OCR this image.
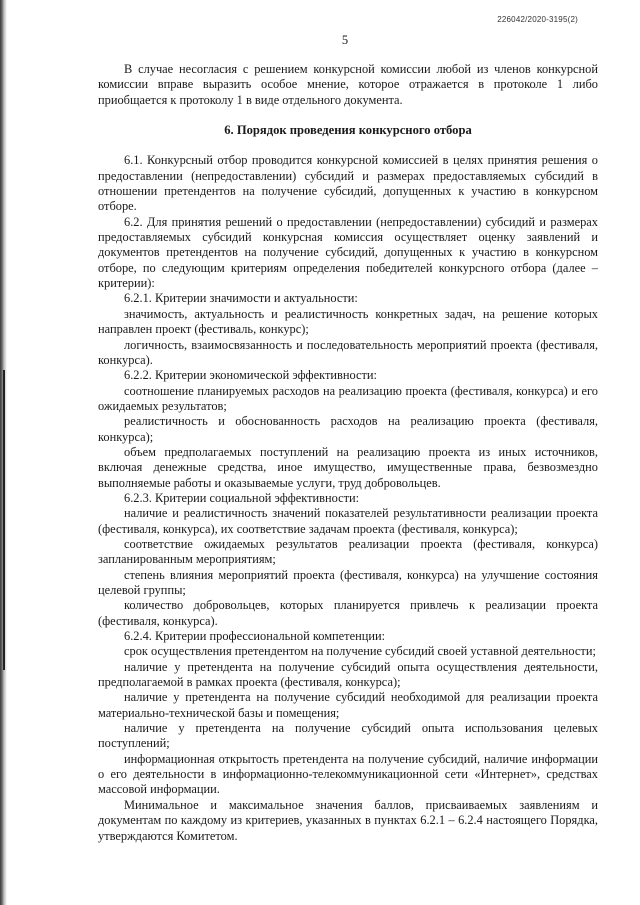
226042/2020-3195(2)
5

В случае несогласия с решением конкурсной комиссии любой из членов конкурсной комиссии вправе выразить особое мнение, которое отражается в протоколе 1 либо приобщается к протоколу 1 в виде отдельного документа.

6. Порядок проведения конкурсного отбора

6.1. Конкурсный отбор проводится конкурсной комиссией в целях принятия решения о предоставлении (непредоставлении) субсидий и размерах предоставляемых субсидий в отношении претендентов на получение субсидий, допущенных к участию в конкурсном отборе.

6.2. Для принятия решений о предоставлении (непредоставлении) субсидий и размерах предоставляемых субсидий конкурсная комиссия осуществляет оценку заявлений и документов претендентов на получение субсидий, допущенных к участию в конкурсном отборе, по следующим критериям определения победителей конкурсного отбора (далее – критерии):

6.2.1. Критерии значимости и актуальности:

значимость, актуальность и реалистичность конкретных задач, на решение которых направлен проект (фестиваль, конкурс);

логичность, взаимосвязанность и последовательность мероприятий проекта (фестиваля, конкурса).

6.2.2. Критерии экономической эффективности:

соотношение планируемых расходов на реализацию проекта (фестиваля, конкурса) и его ожидаемых результатов;

реалистичность и обоснованность расходов на реализацию проекта (фестиваля, конкурса);

объем предполагаемых поступлений на реализацию проекта из иных источников, включая денежные средства, иное имущество, имущественные права, безвозмездно выполняемые работы и оказываемые услуги, труд добровольцев.

6.2.3. Критерии социальной эффективности:

наличие и реалистичность значений показателей результативности реализации проекта (фестиваля, конкурса), их соответствие задачам проекта (фестиваля, конкурса);

соответствие ожидаемых результатов реализации проекта (фестиваля, конкурса) запланированным мероприятиям;

степень влияния мероприятий проекта (фестиваля, конкурса) на улучшение состояния целевой группы;

количество добровольцев, которых планируется привлечь к реализации проекта (фестиваля, конкурса).

6.2.4. Критерии профессиональной компетенции:

срок осуществления претендентом на получение субсидий своей уставной деятельности;

наличие у претендента на получение субсидий опыта осуществления деятельности, предполагаемой в рамках проекта (фестиваля, конкурса);

наличие у претендента на получение субсидий необходимой для реализации проекта материально-технической базы и помещения;

наличие у претендента на получение субсидий опыта использования целевых поступлений;

информационная открытость претендента на получение субсидий, наличие информации о его деятельности в информационно-телекоммуникационной сети «Интернет», средствах массовой информации.

Минимальное и максимальное значения баллов, присваиваемых заявлениям и документам по каждому из критериев, указанных в пунктах 6.2.1 – 6.2.4 настоящего Порядка, утверждаются Комитетом.
